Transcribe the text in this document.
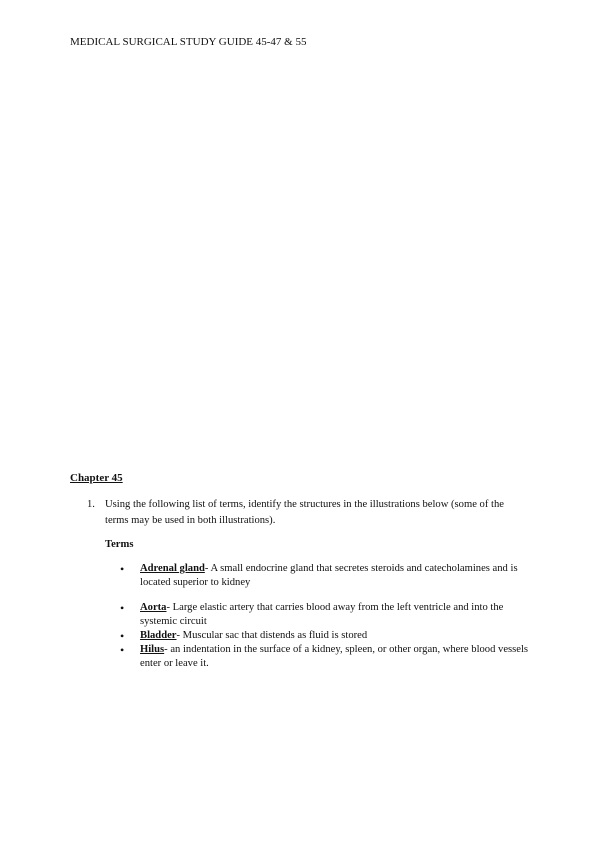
MEDICAL SURGICAL STUDY GUIDE 45-47 & 55
Chapter 45
1. Using the following list of terms, identify the structures in the illustrations below (some of the terms may be used in both illustrations).
Terms
• Adrenal gland- A small endocrine gland that secretes steroids and catecholamines and is located superior to kidney
• Aorta- Large elastic artery that carries blood away from the left ventricle and into the systemic circuit
• Bladder- Muscular sac that distends as fluid is stored
• Hilus- an indentation in the surface of a kidney, spleen, or other organ, where blood vessels enter or leave it.
